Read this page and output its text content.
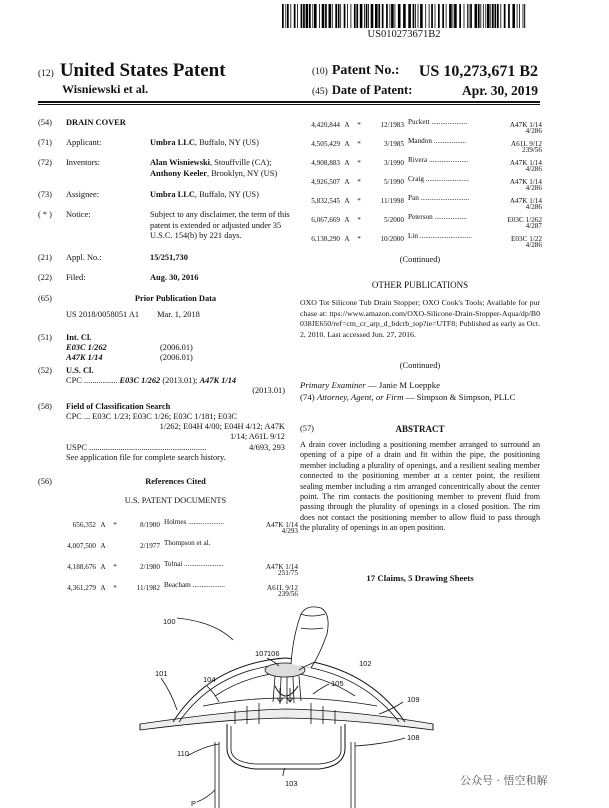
US010273671B2
(12) United States Patent
Wisniewski et al.
(10) Patent No.: US 10,273,671 B2
(45) Date of Patent:	Apr. 30, 2019
(54)	DRAIN COVER
(71)	Applicant:	Umbra LLC, Buffalo, NY (US)
(72)	Inventors:	Alan Wisniewski, Stouffville (CA);
Anthony Keeler, Brooklyn, NY (US)
(73)	Assignee:	Umbra LLC, Buffalo, NY (US)
( * )	Notice:	Subject to any disclaimer, the term of this
patent is extended or adjusted under 35
U.S.C. 154(b) by 221 days.
(21)	Appl. No.:	15/251,730
(22)	Filed:	Aug. 30, 2016
(65)	Prior Publication Data
US 2018/0058051 A1 Mar. 1, 2018
(51)	Int. Cl.
E03C 1/262	(2006.01)
A47K 1/14	(2006.01)
(52)	U.S. Cl.
CPC ................ E03C 1/262 (2013.01); A47K 1/14
(2013.01)
(58)	Field of Classification Search
CPC ... E03C 1/23; E03C 1/26; E03C 1/181; E03C
1/262; E04H 4/00; E04H 4/12; A47K
1/14; A61L 9/12
USPC ........................................................	4/693, 293
See application file for complete search history.
(56)	References Cited
U.S. PATENT DOCUMENTS
656,352 A *	8/1900 Holmes ....................	A47K 1/14
4/293
4,007,500 A	2/1977 Thompson et al.
4,188,676 A *	2/1980 Tolnai ......................	A47K 1/14
251/75
4,361,279 A *	11/1982 Beacham ..................	A61L 9/12
239/56
4,420,844 A *	12/1983 Puckett ....................	A47K 1/14
4/286
4,505,429 A *	3/1985 Mandon ..................	A61L 9/12
239/56
4,908,883 A *	3/1990 Rivera ......................	A47K 1/14
4/286
4,926,507 A *	5/1990 Craig ........................	A47K 1/14
4/286
5,832,545 A *	11/1998 Pan ...........................	A47K 1/14
4/286
6,067,669 A *	5/2000 Peterson ..................	E03C 1/262
4/287
6,138,290 A *	10/2000 Lin .............................	E03C 1/22
4/286
(Continued)
OTHER PUBLICATIONS
OXO Tot Silicone Tub Drain Stopper; OXO Cook's Tools; Available for purchase at: ttps://www.amazon.com/OXO-Silicone-Drain-Stopper-Aqua/dp/B0038JE650/ref=cm_cr_arp_d_bdcrb_top?ie=UTF8; Published as early as Oct. 2, 2010. Last accessed Jun. 27, 2016.
(Continued)
Primary Examiner — Janie M Loeppke
(74) Attorney, Agent, or Firm — Simpson & Simpson, PLLC
(57)	ABSTRACT
A drain cover including a positioning member arranged to surround an opening of a pipe of a drain and fit within the pipe, the positioning member including a plurality of openings, and a resilient sealing member connected to the positioning member at a center point, the resilient sealing member including a rim arranged concentrically about the center point. The rim contacts the positioning member to prevent fluid from passing through the plurality of openings in a closed position. The rim does not contact the positioning member to allow fluid to pass through the plurality of openings in an open position.
17 Claims, 5 Drawing Sheets
100
101
102
103
104	105
106
107
108
109
110
P
公众号 · 悟空和解
